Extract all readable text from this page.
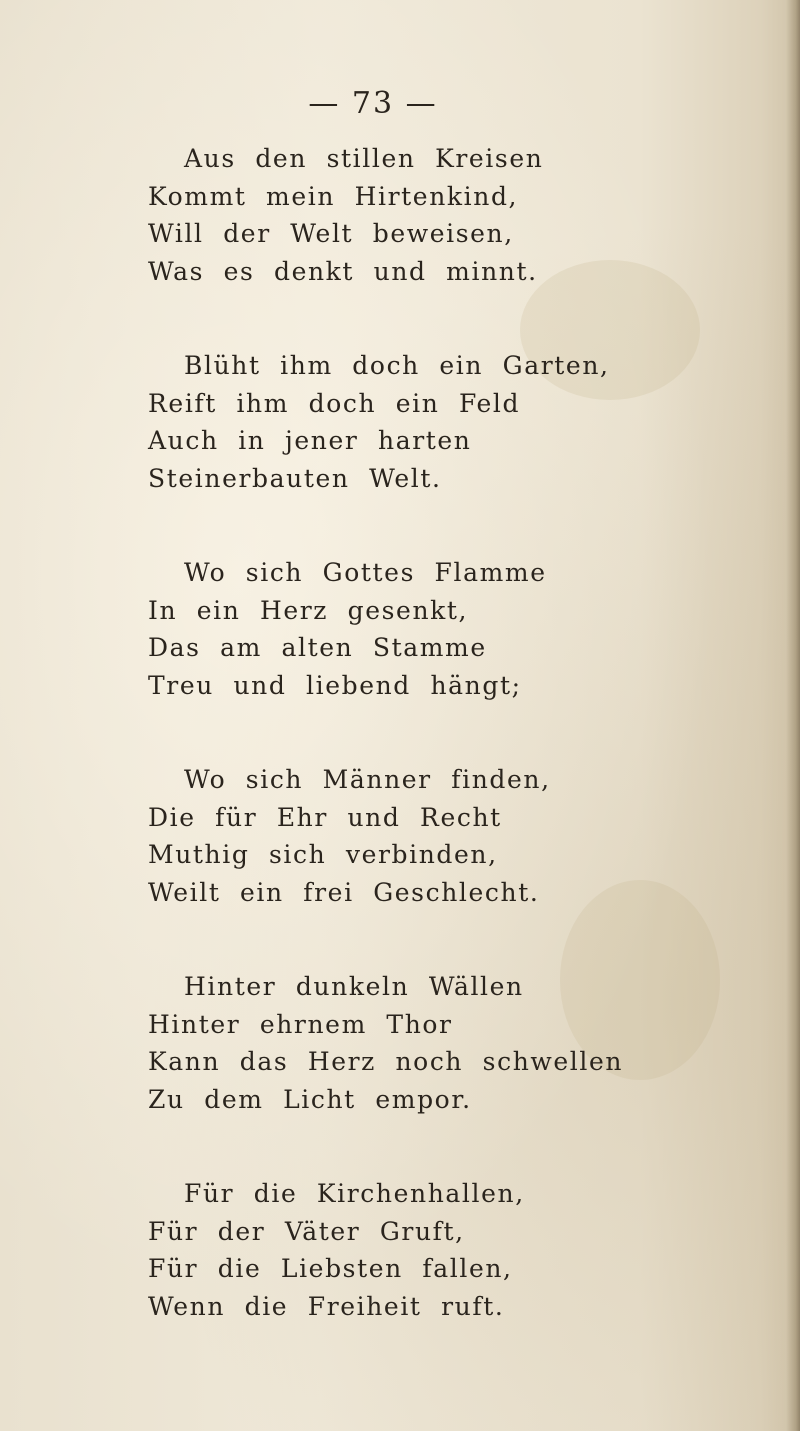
— 73 —
Aus den stillen Kreisen
Kommt mein Hirtenkind,
Will der Welt beweisen,
Was es denkt und minnt.
Blüht ihm doch ein Garten,
Reift ihm doch ein Feld
Auch in jener harten
Steinerbauten Welt.
Wo sich Gottes Flamme
In ein Herz gesenkt,
Das am alten Stamme
Treu und liebend hängt;
Wo sich Männer finden,
Die für Ehr und Recht
Muthig sich verbinden,
Weilt ein frei Geschlecht.
Hinter dunkeln Wällen
Hinter ehrnem Thor
Kann das Herz noch schwellen
Zu dem Licht empor.
Für die Kirchenhallen,
Für der Väter Gruft,
Für die Liebsten fallen,
Wenn die Freiheit ruft.
